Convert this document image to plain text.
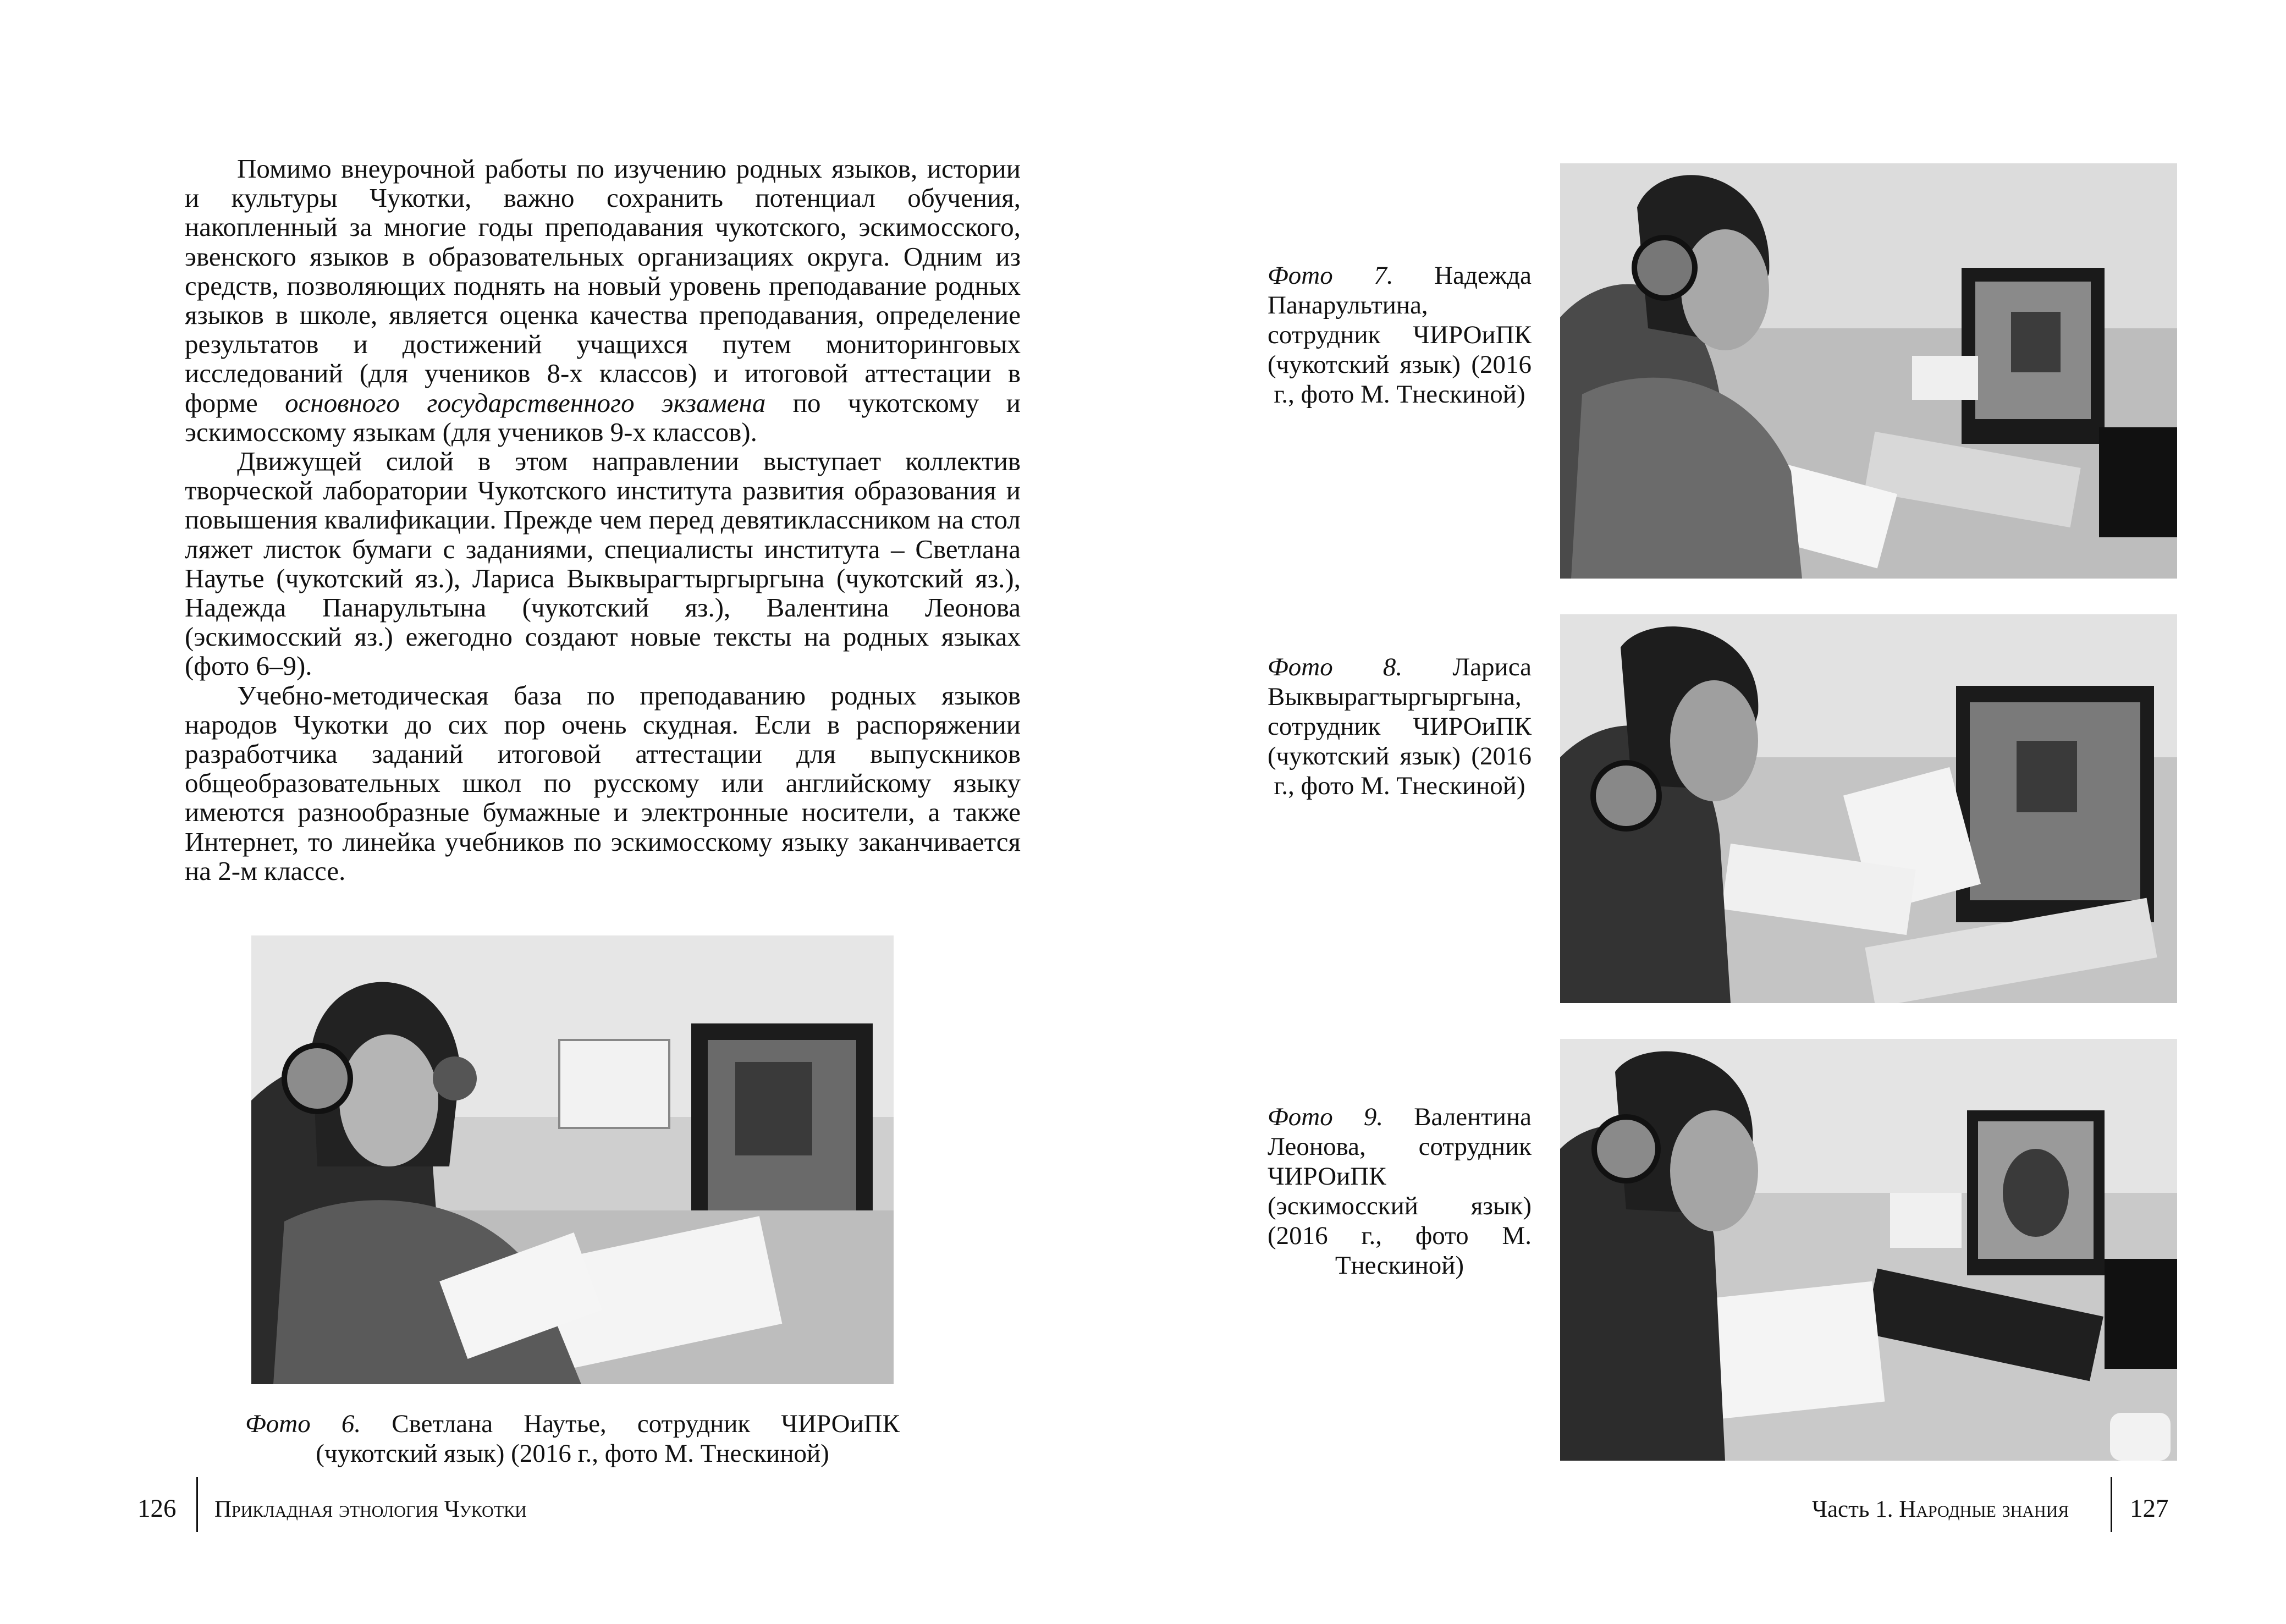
Помимо внеурочной работы по изучению родных языков, истории и культуры Чукотки, важно сохранить потенциал обучения, накопленный за многие годы преподавания чукотского, эскимосского, эвенского языков в образовательных организациях округа. Одним из средств, позволяющих поднять на новый уровень преподавание родных языков в школе, является оценка качества преподавания, определение результатов и достижений учащихся путем мониторинговых исследований (для учеников 8-х классов) и итоговой аттестации в форме основного государственного экзамена по чукотскому и эскимосскому языкам (для учеников 9-х классов).

Движущей силой в этом направлении выступает коллектив творческой лаборатории Чукотского института развития образования и повышения квалификации. Прежде чем перед девятиклассником на стол ляжет листок бумаги с заданиями, специалисты института – Светлана Наутье (чукотский яз.), Лариса Выквырагтыргыргына (чукотский яз.), Надежда Панарультына (чукотский яз.), Валентина Леонова (эскимосский яз.) ежегодно создают новые тексты на родных языках (фото 6–9).

Учебно-методическая база по преподаванию родных языков народов Чукотки до сих пор очень скудная. Если в распоряжении разработчика заданий итоговой аттестации для выпускников общеобразовательных школ по русскому или английскому языку имеются разнообразные бумажные и электронные носители, а также Интернет, то линейка учебников по эскимосскому языку заканчивается на 2-м классе.

Фото 6. Светлана Наутье, сотрудник ЧИРОиПК (чукотский язык) (2016 г., фото М. Тнескиной)
126 Прикладная этнология Чукотки
Фото 7. Надежда Панарультина, сотрудник ЧИРОиПК (чукотский язык) (2016 г., фото М. Тнескиной)
Фото 8. Лариса Выквырагтыргыргына, сотрудник ЧИРОиПК (чукотский язык) (2016 г., фото М. Тнескиной)
Фото 9. Валентина Леонова, сотрудник ЧИРОиПК (эскимосский язык) (2016 г., фото М. Тнескиной)
Часть 1. Народные знания 127
